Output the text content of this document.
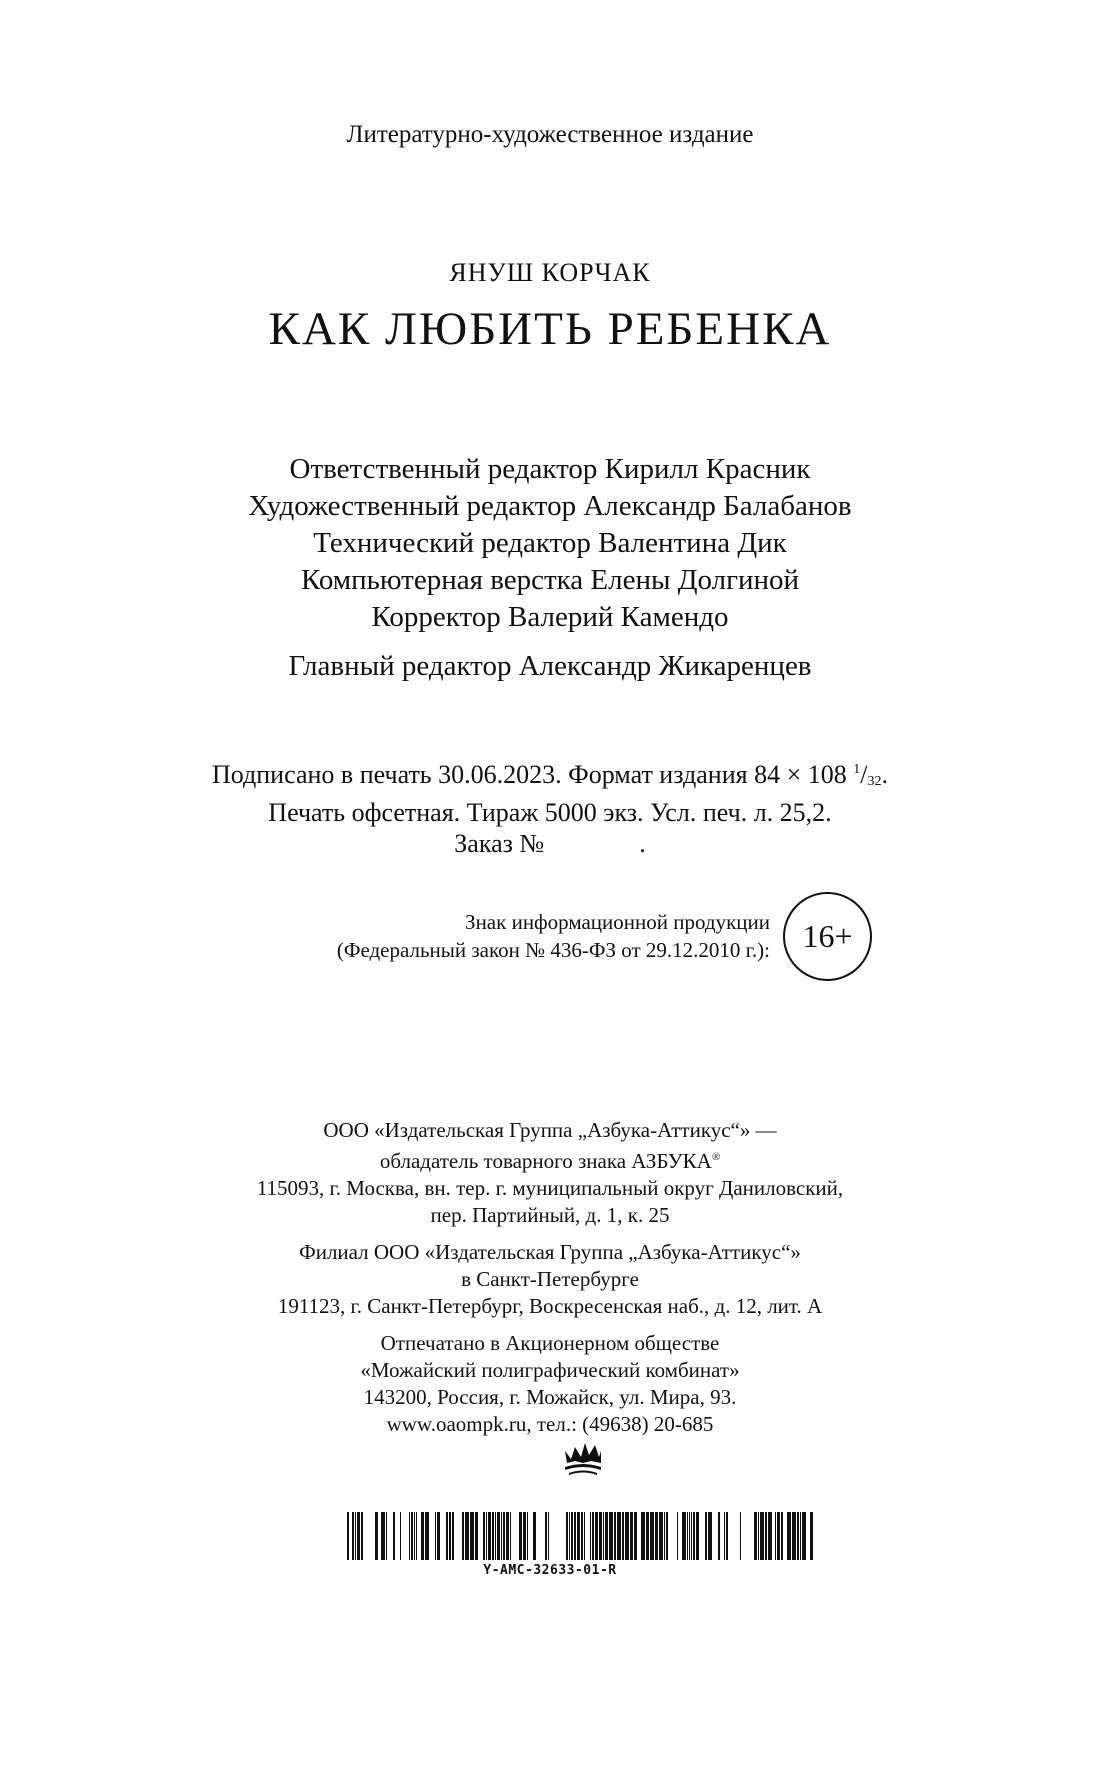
Литературно-художественное издание
ЯНУШ КОРЧАК
КАК ЛЮБИТЬ РЕБЕНКА
Ответственный редактор Кирилл Красник
Художественный редактор Александр Балабанов
Технический редактор Валентина Дик
Компьютерная верстка Елены Долгиной
Корректор Валерий Камендо
Главный редактор Александр Жикаренцев
Подписано в печать 30.06.2023. Формат издания 84 × 108 $^1/_{32}$.
Печать офсетная. Тираж 5000 экз. Усл. печ. л. 25,2.
Заказ №	.
Знак информационной продукции
(Федеральный закон № 436-ФЗ от 29.12.2010 г.): 16+
ООО «Издательская Группа „Азбука-Аттикус“» —
обладатель товарного знака АЗБУКА®
115093, г. Москва, вн. тер. г. муниципальный округ Даниловский,
пер. Партийный, д. 1, к. 25
Филиал ООО «Издательская Группа „Азбука-Аттикус“»
в Санкт-Петербурге
191123, г. Санкт-Петербург, Воскресенская наб., д. 12, лит. А
Отпечатано в Акционерном обществе
«Можайский полиграфический комбинат»
143200, Россия, г. Можайск, ул. Мира, 93.
www.oaompk.ru, тел.: (49638) 20-685
Y-AMC-32633-01-R
